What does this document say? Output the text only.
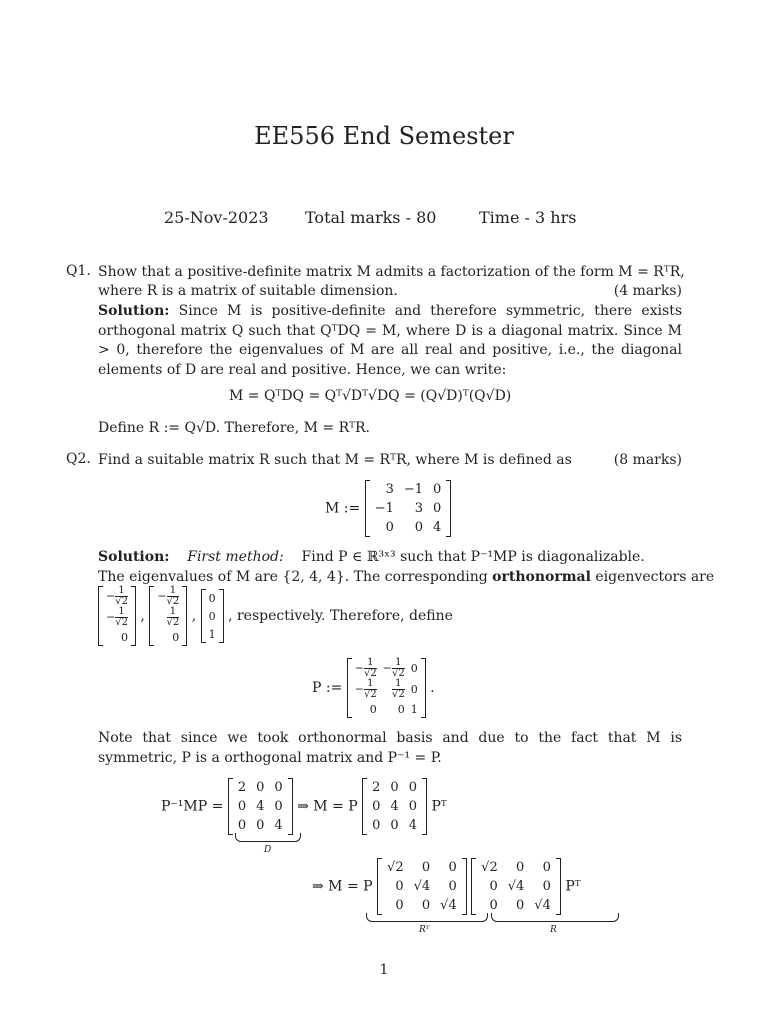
EE556 End Semester
25-Nov-2023 Total marks - 80	Time - 3 hrs
Q1. Show that a positive-definite matrix M admits a factorization of the form M = RᵀR,
where R is a matrix of suitable dimension.	(4 marks)
Solution: Since M is positive-definite and therefore symmetric, there exists orthogonal matrix Q such that QᵀDQ = M, where D is a diagonal matrix. Since M > 0, therefore the eigenvalues of M are all real and positive, i.e., the diagonal elements of D are real and positive. Hence, we can write:
M = QᵀDQ = Qᵀ√Dᵀ√DQ = (Q√D)ᵀ(Q√D)
Define R := Q√D. Therefore, M = RᵀR.
Q2. Find a suitable matrix R such that M = RᵀR, where M is defined as	(8 marks)
M :=
3	−1	0
−1	3	0
0	0	4
Solution: First method: Find P ∈ ℝ³ˣ³ such that P⁻¹MP is diagonalizable.
The eigenvalues of M are {2, 4, 4}. The corresponding orthonormal eigenvectors are
− $\frac{1}{√2}$

− $\frac{1}{√2}$

0
,
− $\frac{1}{√2}$

$\frac{1}{√2}$

0
,
0
0
1
, respectively. Therefore, define
P :=
− $\frac{1}{√2}$	− $\frac{1}{√2}$	0
− $\frac{1}{√2}$	$\frac{1}{√2}$	0
0	0	1
.
Note that since we took orthonormal basis and due to the fact that M is symmetric, P is a orthogonal matrix and P⁻¹ = P.
P⁻¹MP =
2	0	0
0	4	0
0	0	4
⇒ M = P
2	0	0
0	4	0
0	0	4
Pᵀ
D
⇒ M = P
√2	0	0
0	√4	0
0	0	√4

√2	0	0
0	√4	0
0	0	√4
Pᵀ
Rᵀ	R
1
